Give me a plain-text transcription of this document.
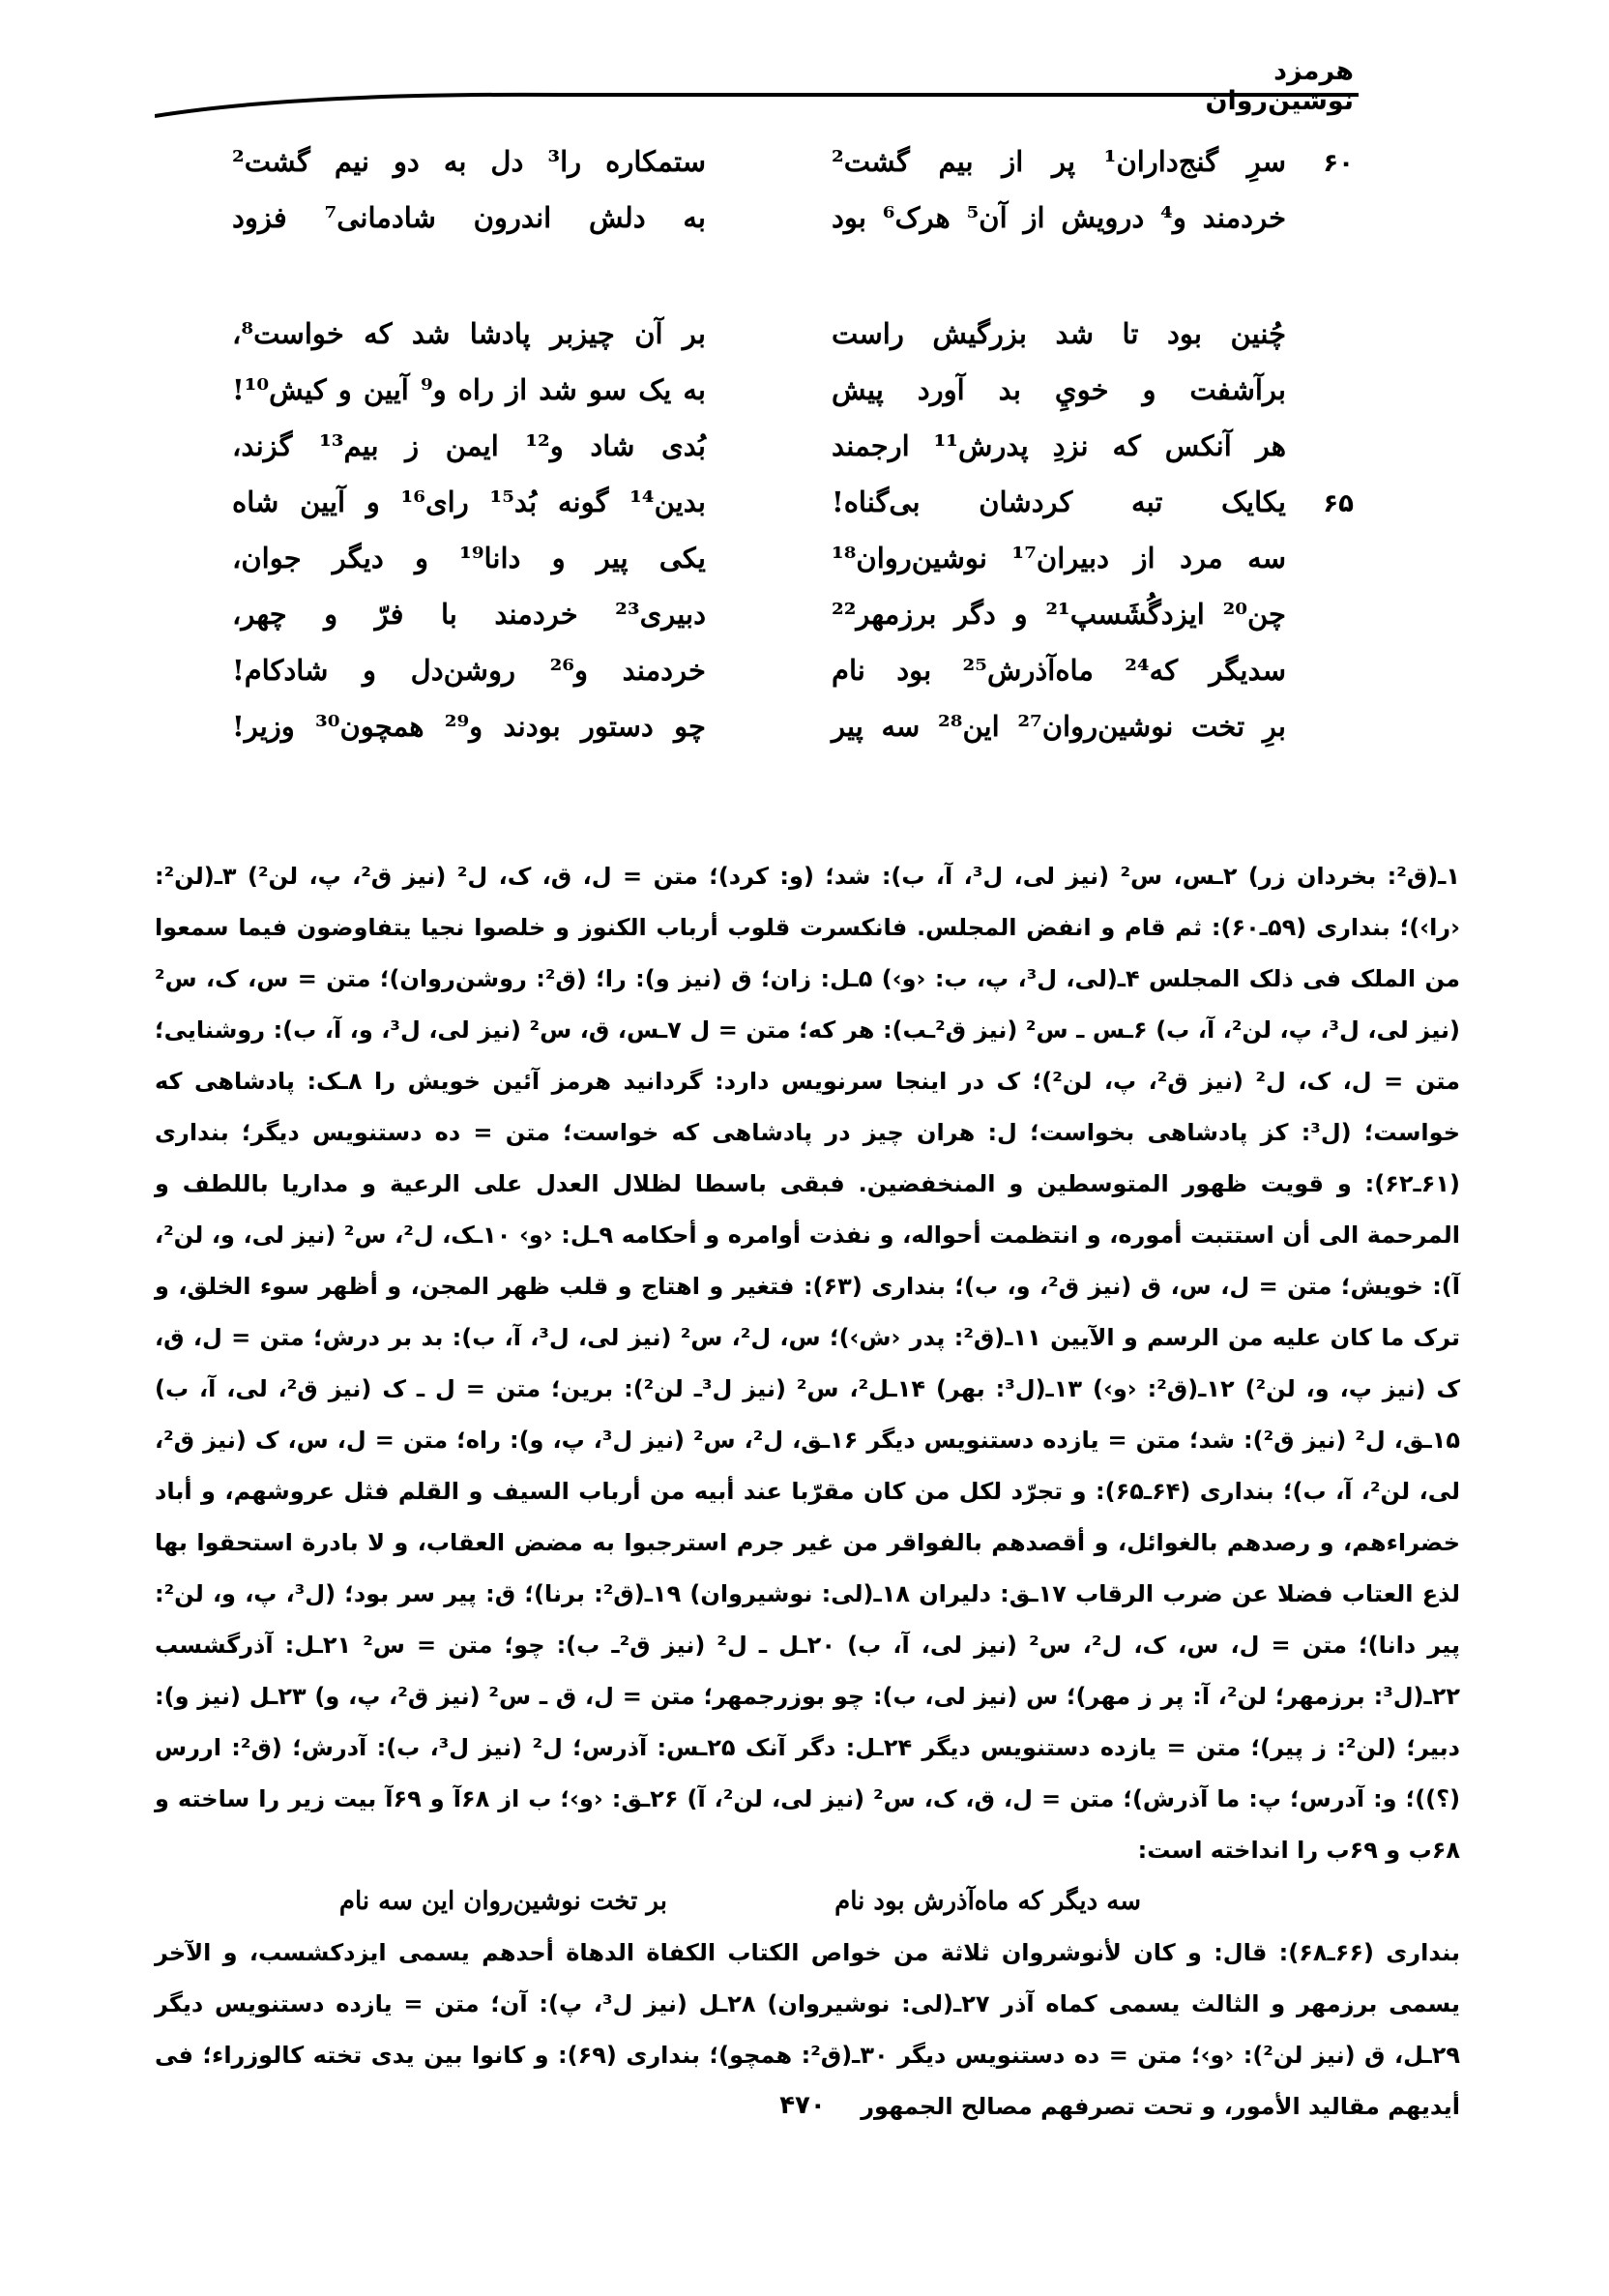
هرمزد نوشین‌روان
۶۰
سرِ گنج‌داران¹ پر از بیم گشت²
ستمکاره را³ دل به دو نیم گشت²
خردمند و⁴ درویش از آن⁵ هرک⁶ بود
به دلش اندرون شادمانی⁷ فزود
چُنین بود تا شد بزرگیش راست
بر آن چیزبر پادشا شد که خواست⁸،
برآشفت و خويِ بد آورد پیش
به یک سو شد از راه و⁹ آیین و کیش¹⁰!
هر آنکس که نزدِ پدرش¹¹ ارجمند
بُدی شاد و¹² ایمن ز بیم¹³ گزند،
۶۵
یکایک تبه کردشان بی‌گناه!
بدین¹⁴ گونه بُد¹⁵ رای¹⁶ و آیین شاه
سه مرد از دبیران¹⁷ نوشین‌روان¹⁸
یکی پیر و دانا¹⁹ و دیگر جوان،
چن²⁰ ایزدگُشَسپ²¹ و دگر برزمهر²²
دبیری²³ خردمند با فرّ و چهر،
سدیگر که²⁴ ماه‌آذرش²⁵ بود نام
خردمند و²⁶ روشن‌دل و شادکام!
برِ تخت نوشین‌روان²⁷ این²⁸ سه پیر
چو دستور بودند و²⁹ همچون³⁰ وزیر!

۱ـ(ق²: بخردان زر) ۲ـس، س² (نیز لی، ل³، آ، ب): شد؛ (و: کرد)؛ متن = ل، ق، ک، ل² (نیز ق²، پ، لن²) ۳ـ(لن²: ‹را›)؛ بنداری (۵۹ـ۶۰): ثم قام و انفض المجلس. فانکسرت قلوب أرباب الکنوز و خلصوا نجیا یتفاوضون فیما سمعوا من الملک فی ذلک المجلس ۴ـ(لی، ل³، پ، ب: ‹و›) ۵ـل: زان؛ ق (نیز و): را؛ (ق²: روشن‌روان)؛ متن = س، ک، س² (نیز لی، ل³، پ، لن²، آ، ب) ۶ـس ـ س² (نیز ق²ـب): هر که؛ متن = ل ۷ـس، ق، س² (نیز لی، ل³، و، آ، ب): روشنایی؛ متن = ل، ک، ل² (نیز ق²، پ، لن²)؛ ک در اینجا سرنویس دارد: گردانید هرمز آئین خویش را ۸ـک: پادشاهی که خواست؛ (ل³: کز پادشاهی بخواست؛ ل: هران چیز در پادشاهی که خواست؛ متن = ده دستنویس دیگر؛ بنداری (۶۱ـ۶۲): و قویت ظهور المتوسطین و المنخفضین. فبقی باسطا لظلال العدل علی الرعیة و مداریا باللطف و المرحمة الی أن استتبت أموره، و انتظمت أحواله، و نفذت أوامره و أحکامه ۹ـل: ‹و› ۱۰ـک، ل²، س² (نیز لی، و، لن²، آ): خویش؛ متن = ل، س، ق (نیز ق²، و، ب)؛ بنداری (۶۳): فتغیر و اهتاج و قلب ظهر المجن، و أظهر سوء الخلق، و ترک ما کان علیه من الرسم و الآیین ۱۱ـ(ق²: پدر ‹ش›)؛ س، ل²، س² (نیز لی، ل³، آ، ب): بد بر درش؛ متن = ل، ق، ک (نیز پ، و، لن²) ۱۲ـ(ق²: ‹و›) ۱۳ـ(ل³: بهر) ۱۴ـل²، س² (نیز ل³ـ لن²): برین؛ متن = ل ـ ک (نیز ق²، لی، آ، ب) ۱۵ـق، ل² (نیز ق²): شد؛ متن = یازده دستنویس دیگر ۱۶ـق، ل²، س² (نیز ل³، پ، و): راه؛ متن = ل، س، ک (نیز ق²، لی، لن²، آ، ب)؛ بنداری (۶۴ـ۶۵): و تجرّد لکل من کان مقرّبا عند أبیه من أرباب السیف و القلم فثل عروشهم، و أباد خضراءهم، و رصدهم بالغوائل، و أقصدهم بالفواقر من غیر جرم استرجبوا به مضض العقاب، و لا بادرة استحقوا بها لذع العتاب فضلا عن ضرب الرقاب ۱۷ـق: دلیران ۱۸ـ(لی: نوشیروان) ۱۹ـ(ق²: برنا)؛ ق: پیر سر بود؛ (ل³، پ، و، لن²: پیر دانا)؛ متن = ل، س، ک، ل²، س² (نیز لی، آ، ب) ۲۰ـل ـ ل² (نیز ق²ـ ب): چو؛ متن = س² ۲۱ـل: آذرگشسب ۲۲ـ(ل³: برزمهر؛ لن²، آ: پر ز مهر)؛ س (نیز لی، ب): چو بوزرجمهر؛ متن = ل، ق ـ س² (نیز ق²، پ، و) ۲۳ـل (نیز و): دبیر؛ (لن²: ز پیر)؛ متن = یازده دستنویس دیگر ۲۴ـل: دگر آنک ۲۵ـس: آذرس؛ ل² (نیز ل³، ب): آدرش؛ (ق²: اررس (؟))؛ و: آدرس؛ پ: ما آذرش)؛ متن = ل، ق، ک، س² (نیز لی، لن²، آ) ۲۶ـق: ‹و›؛ ب از ۶۸آ و ۶۹آ بیت زیر را ساخته و ۶۸ب و ۶۹ب را انداخته است:

سه دیگر که ماه‌آذرش بود نام
بر تخت نوشین‌روان این سه نام

بنداری (۶۶ـ۶۸): قال: و کان لأنوشروان ثلاثة من خواص الکتاب الکفاة الدهاة أحدهم یسمی ایزدکشسب، و الآخر یسمی برزمهر و الثالث یسمی کماه آذر ۲۷ـ(لی: نوشیروان) ۲۸ـل (نیز ل³، پ): آن؛ متن = یازده دستنویس دیگر ۲۹ـل، ق (نیز لن²): ‹و›؛ متن = ده دستنویس دیگر ۳۰ـ(ق²: همچو)؛ بنداری (۶۹): و کانوا بین یدی تخته کالوزراء؛ فی أیدیهم مقالید الأمور، و تحت تصرفهم مصالح الجمهور

۴۷۰
